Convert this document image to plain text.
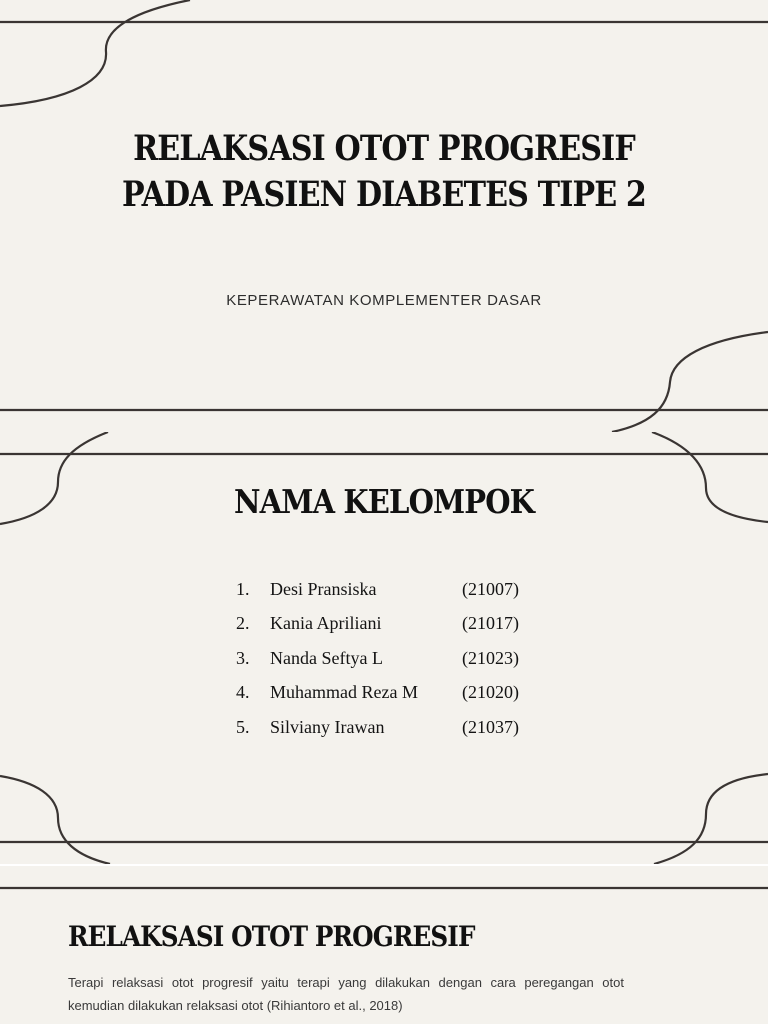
RELAKSASI OTOT PROGRESIF
PADA PASIEN DIABETES TIPE 2
KEPERAWATAN KOMPLEMENTER DASAR
NAMA KELOMPOK
1.	Desi Pransiska	(21007)
2.	Kania Apriliani	(21017)
3.	Nanda Seftya L	(21023)
4.	Muhammad Reza M	(21020)
5.	Silviany Irawan	(21037)
RELAKSASI OTOT PROGRESIF

Terapi relaksasi otot progresif yaitu terapi yang dilakukan dengan cara peregangan otot kemudian dilakukan relaksasi otot (Rihiantoro et al., 2018)
